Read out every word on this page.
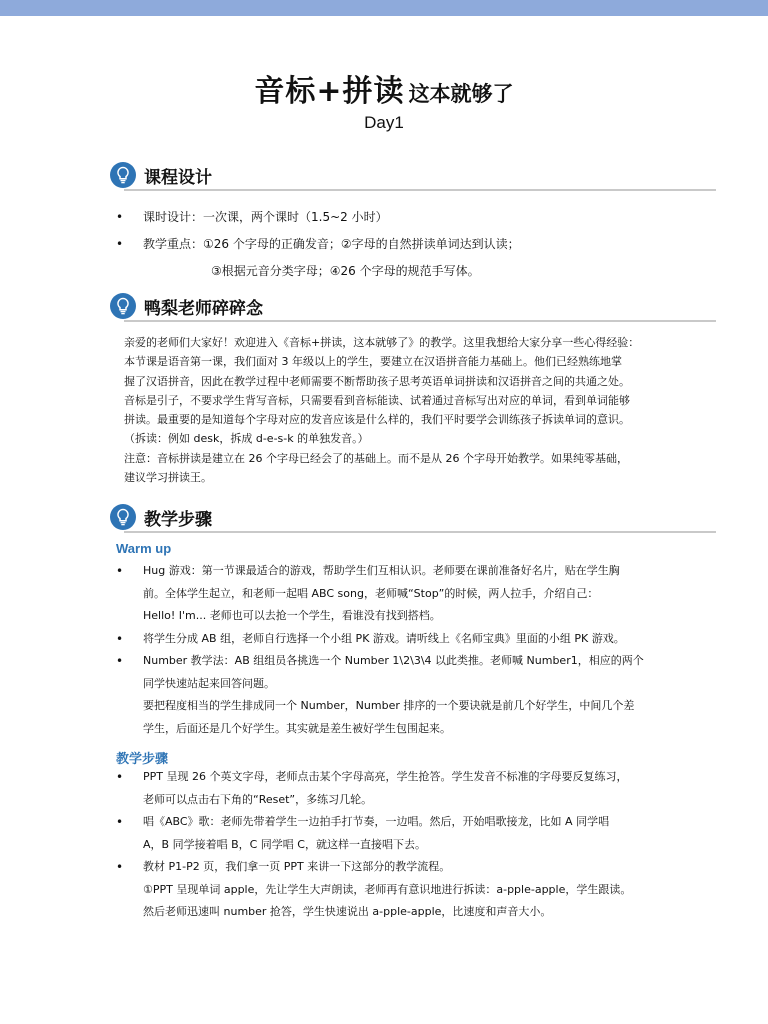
音标+拼读 这本就够了
Day1
课程设计
• 课时设计：一次课，两个课时（1.5~2 小时）
• 教学重点：①26 个字母的正确发音；②字母的自然拼读单词达到认读；
③根据元音分类字母；④26 个字母的规范手写体。
鸭梨老师碎碎念
亲爱的老师们大家好！欢迎进入《音标+拼读，这本就够了》的教学。这里我想给大家分享一些心得经验：
本节课是语音第一课，我们面对 3 年级以上的学生，要建立在汉语拼音能力基础上。他们已经熟练地掌
握了汉语拼音，因此在教学过程中老师需要不断帮助孩子思考英语单词拼读和汉语拼音之间的共通之处。
音标是引子，不要求学生背写音标，只需要看到音标能读、试着通过音标写出对应的单词，看到单词能够
拼读。最重要的是知道每个字母对应的发音应该是什么样的，我们平时要学会训练孩子拆读单词的意识。
（拆读：例如 desk，拆成 d-e-s-k 的单独发音。）
注意：音标拼读是建立在 26 个字母已经会了的基础上。而不是从 26 个字母开始教学。如果纯零基础，
建议学习拼读王。
教学步骤
Warm up
• Hug 游戏：第一节课最适合的游戏，帮助学生们互相认识。老师要在课前准备好名片，贴在学生胸
前。全体学生起立，和老师一起唱 ABC song，老师喊“Stop”的时候，两人拉手，介绍自己：
Hello! I'm... 老师也可以去抢一个学生，看谁没有找到搭档。
• 将学生分成 AB 组，老师自行选择一个小组 PK 游戏。请听线上《名师宝典》里面的小组 PK 游戏。
• Number 教学法：AB 组组员各挑选一个 Number 1\2\3\4 以此类推。老师喊 Number1，相应的两个
同学快速站起来回答问题。
要把程度相当的学生排成同一个 Number，Number 排序的一个要诀就是前几个好学生，中间几个差
学生，后面还是几个好学生。其实就是差生被好学生包围起来。
教学步骤
• PPT 呈现 26 个英文字母，老师点击某个字母高亮，学生抢答。学生发音不标准的字母要反复练习，
老师可以点击右下角的“Reset”，多练习几轮。
• 唱《ABC》歌：老师先带着学生一边拍手打节奏，一边唱。然后，开始唱歌接龙，比如 A 同学唱
A，B 同学接着唱 B，C 同学唱 C，就这样一直接唱下去。
• 教材 P1-P2 页，我们拿一页 PPT 来讲一下这部分的教学流程。
①PPT 呈现单词 apple，先让学生大声朗读，老师再有意识地进行拆读：a-pple-apple，学生跟读。
然后老师迅速叫 number 抢答，学生快速说出 a-pple-apple，比速度和声音大小。
